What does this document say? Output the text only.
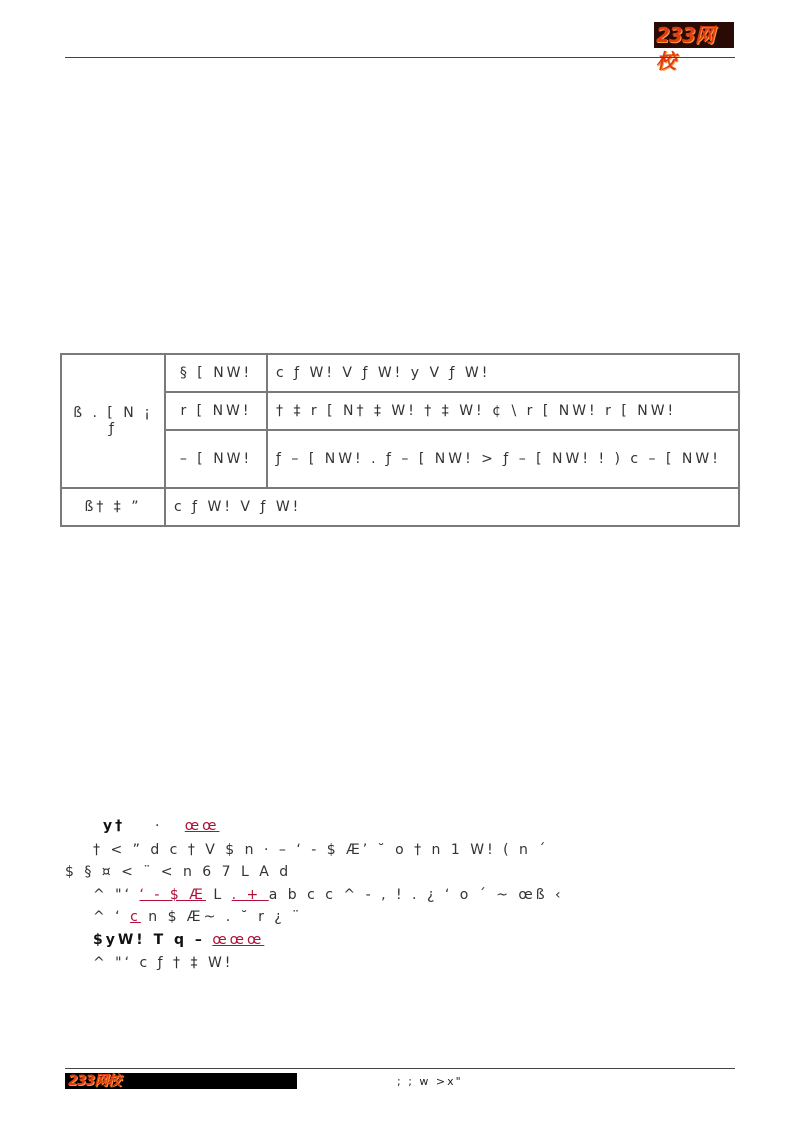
233网校
ß . [ N ¡ ƒ	§ [ NW!	c ƒ W! V ƒ W! y V ƒ W!
	r [ NW!	† ‡ r [ N† ‡ W! † ‡ W! ¢ \ r [ NW! r [ NW!
	– [ NW!	ƒ – [ NW! . ƒ – [ NW! > ƒ – [ NW! ! ) c – [ NW!
ß† ‡ ”	c ƒ W! V ƒ W!	
y† · œœ
† < ” d c † V $ n · – ‘ - $ Æ’ ˘ o † n 1 W! ( n ´
$ § ¤ < ¨ < n 6 7 L A d
^ "‘ ‘ - $ Æ L . + a b c c ^ - , ! . ¿ ‘ o ´ ~ œß ‹
^ ‘ c n $ Æ~ . ˘ r ¿ ¨
$yW! T q – œœœ
^ "‘ c ƒ † ‡ W!
233网校	; ; w >x"
